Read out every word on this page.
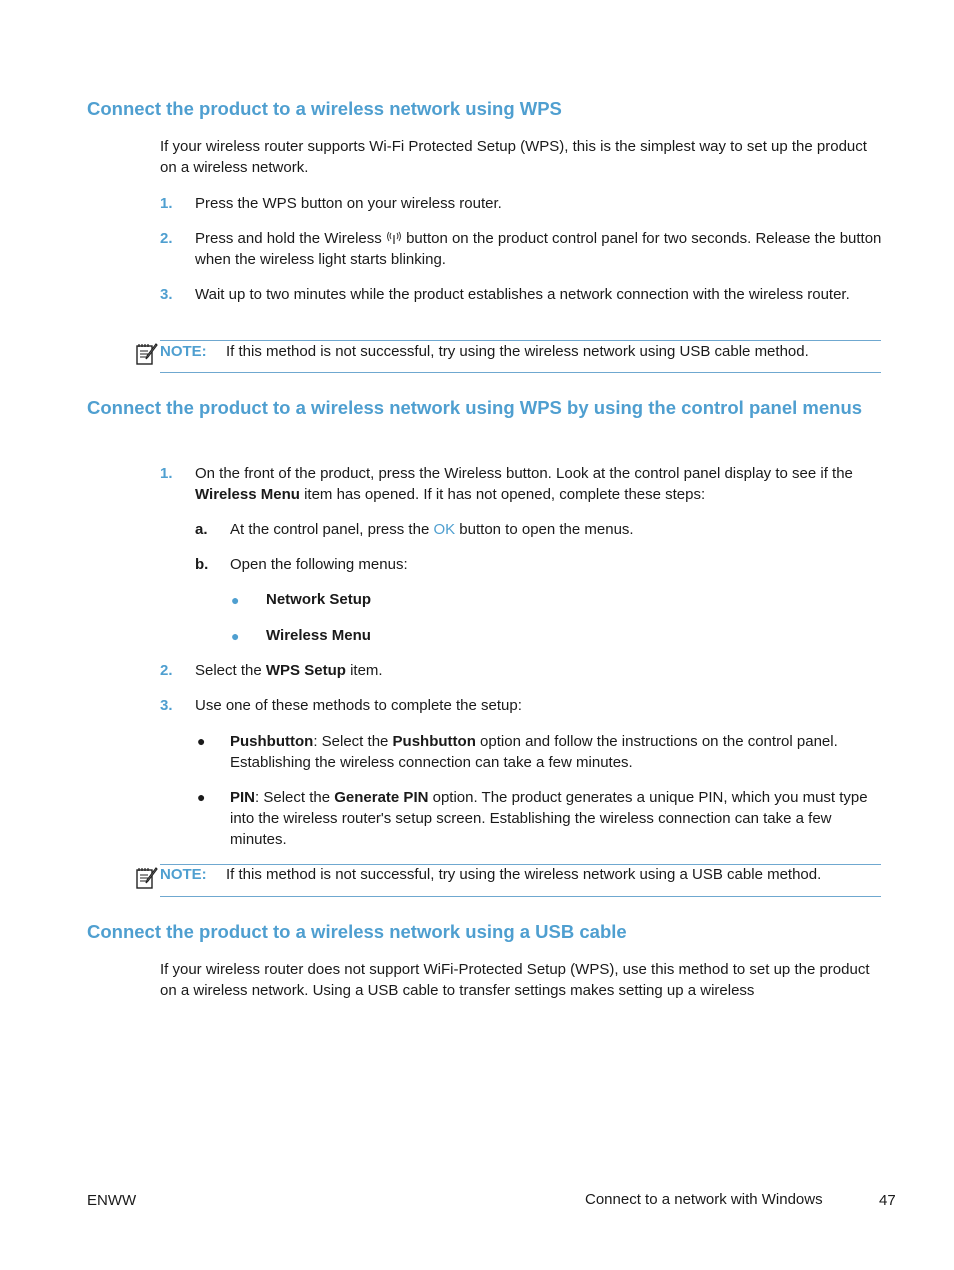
Connect the product to a wireless network using WPS
If your wireless router supports Wi-Fi Protected Setup (WPS), this is the simplest way to set up the product on a wireless network.
1. Press the WPS button on your wireless router.
2. Press and hold the Wireless  button on the product control panel for two seconds. Release the button when the wireless light starts blinking.
3. Wait up to two minutes while the product establishes a network connection with the wireless router.
NOTE: If this method is not successful, try using the wireless network using USB cable method.
Connect the product to a wireless network using WPS by using the control panel menus
1. On the front of the product, press the Wireless button. Look at the control panel display to see if the Wireless Menu item has opened. If it has not opened, complete these steps:
a. At the control panel, press the OK button to open the menus.
b. Open the following menus:
● Network Setup
● Wireless Menu
2. Select the WPS Setup item.
3. Use one of these methods to complete the setup:
● Pushbutton: Select the Pushbutton option and follow the instructions on the control panel. Establishing the wireless connection can take a few minutes.
● PIN: Select the Generate PIN option. The product generates a unique PIN, which you must type into the wireless router's setup screen. Establishing the wireless connection can take a few minutes.
NOTE: If this method is not successful, try using the wireless network using a USB cable method.
Connect the product to a wireless network using a USB cable
If your wireless router does not support WiFi-Protected Setup (WPS), use this method to set up the product on a wireless network. Using a USB cable to transfer settings makes setting up a wireless
ENWW	Connect to a network with Windows	47
